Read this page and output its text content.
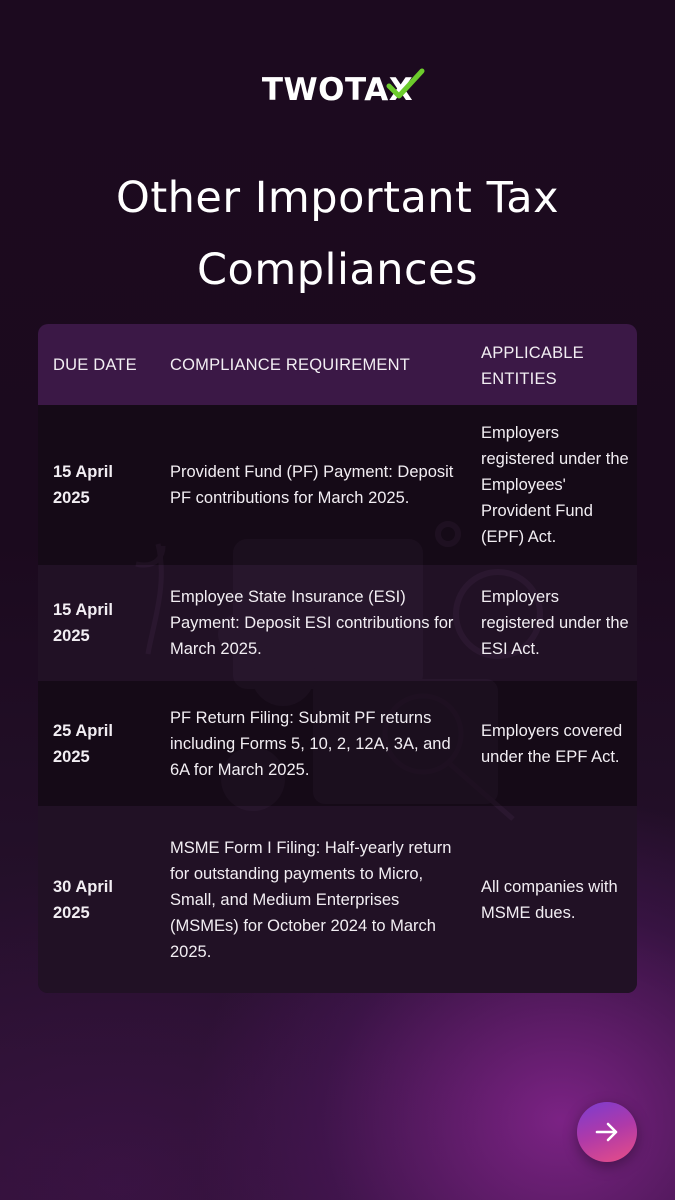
TWOTAX
Other Important Tax Compliances

DUE DATE COMPLIANCE REQUIREMENT

APPLICABLE ENTITIES

15 April 2025

Provident Fund (PF) Payment: Deposit PF contributions for March 2025.

Employers registered under the Employees' Provident Fund (EPF) Act.

15 April 2025

Employee State Insurance (ESI) Payment: Deposit ESI contributions for March 2025.

Employers registered under the ESI Act.

25 April 2025

PF Return Filing: Submit PF returns including Forms 5, 10, 2, 12A, 3A, and 6A for March 2025.

Employers covered under the EPF Act.

30 April 2025

MSME Form I Filing: Half-yearly return for outstanding payments to Micro, Small, and Medium Enterprises (MSMEs) for October 2024 to March 2025.

All companies with MSME dues.
